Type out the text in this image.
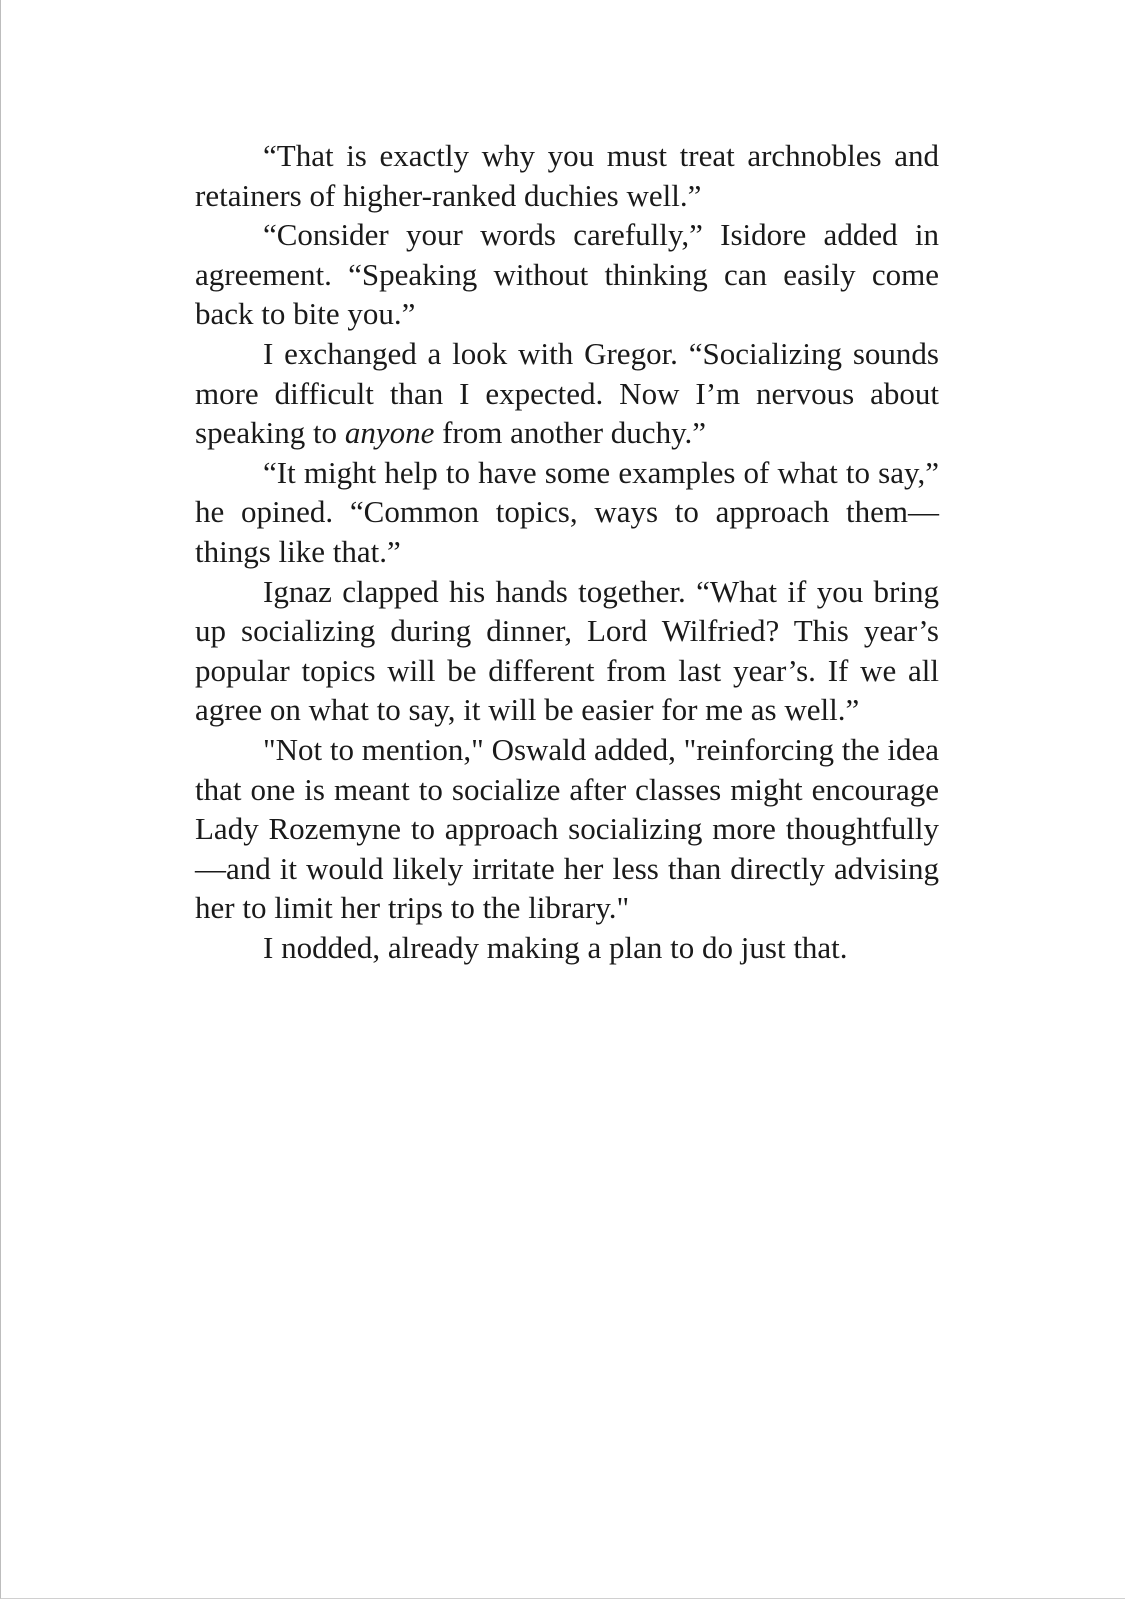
“That is exactly why you must treat archnobles and retainers of higher-ranked duchies well.”

“Consider your words carefully,” Isidore added in agreement. “Speaking without thinking can easily come back to bite you.”

I exchanged a look with Gregor. “Socializing sounds more difficult than I expected. Now I’m nervous about speaking to anyone from another duchy.”

“It might help to have some examples of what to say,” he opined. “Common topics, ways to approach them—things like that.”

Ignaz clapped his hands together. “What if you bring up socializing during dinner, Lord Wilfried? This year’s popular topics will be different from last year’s. If we all agree on what to say, it will be easier for me as well.”

"Not to mention," Oswald added, "reinforcing the idea that one is meant to socialize after classes might encourage Lady Rozemyne to approach socializing more thoughtfully—and it would likely irritate her less than directly advising her to limit her trips to the library."

I nodded, already making a plan to do just that.
